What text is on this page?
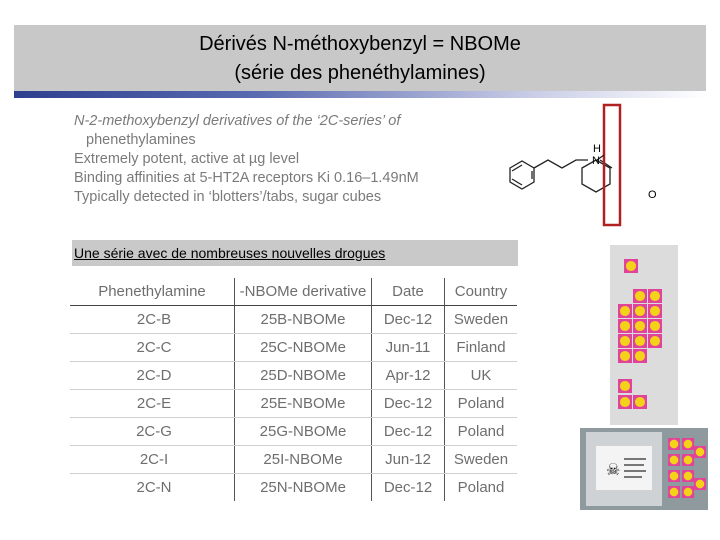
Dérivés N-méthoxybenzyl = NBOMe
(série des phenéthylamines)
N-2-methoxybenzyl derivatives of the ‘2C-series’ of
phenethylamines
Extremely potent, active at µg level
Binding affinities at 5-HT2A receptors Ki 0.16–1.49nM
Typically detected in ‘blotters’/tabs, sugar cubes
H
N
O
Une série avec de nombreuses nouvelles drogues
Phenethylamine	-NBOMe derivative	Date	Country
2C-B	25B-NBOMe	Dec-12	Sweden
2C-C	25C-NBOMe	Jun-11	Finland
2C-D	25D-NBOMe	Apr-12	UK
2C-E	25E-NBOMe	Dec-12	Poland
2C-G	25G-NBOMe	Dec-12	Poland
2C-I	25I-NBOMe	Jun-12	Sweden
2C-N	25N-NBOMe	Dec-12	Poland
☠
